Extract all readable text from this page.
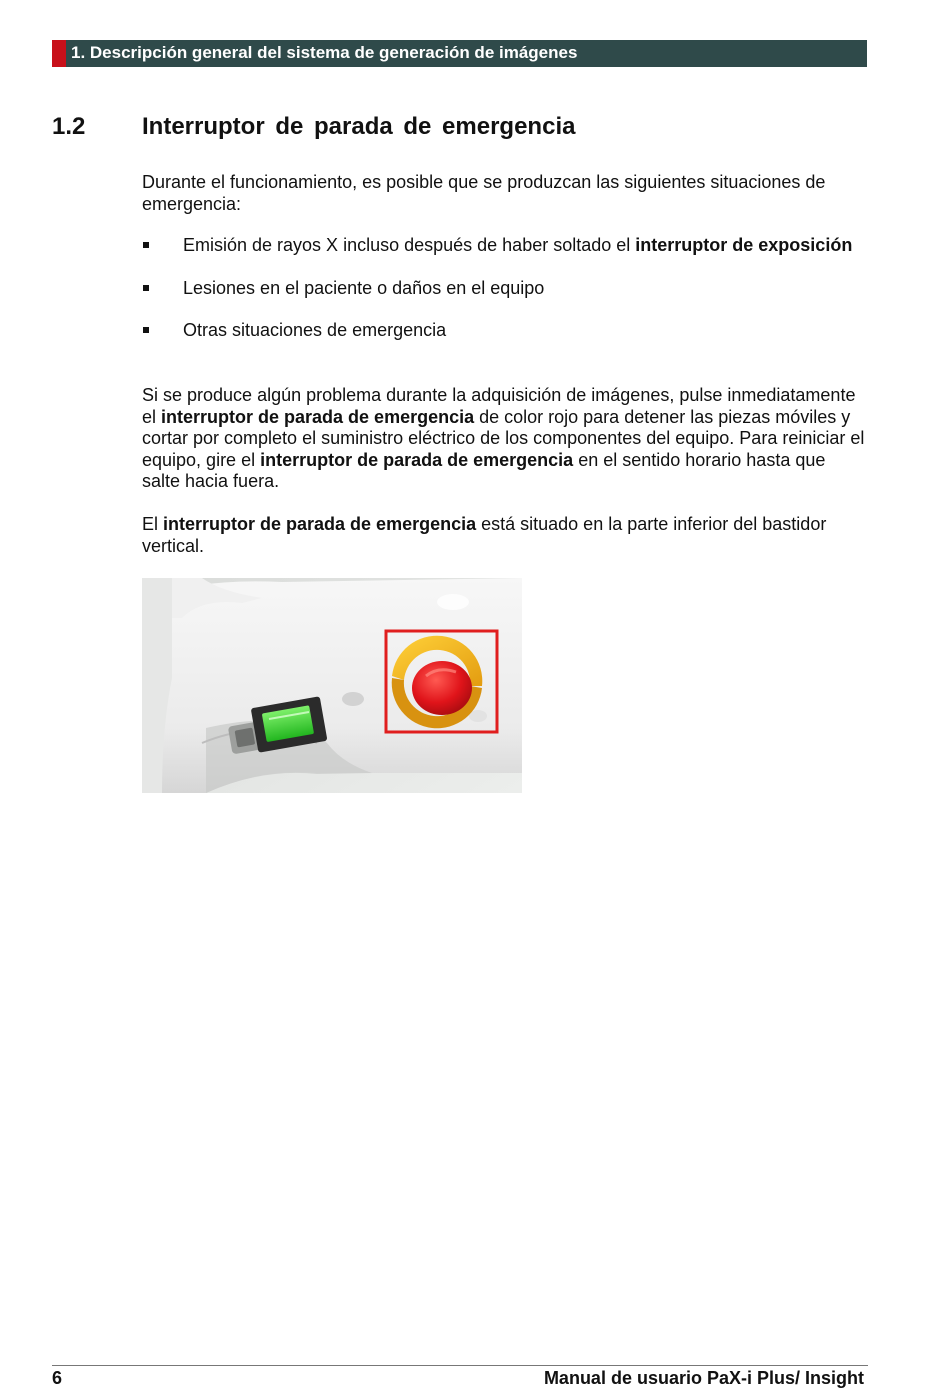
1. Descripción general del sistema de generación de imágenes
1.2 Interruptor de parada de emergencia

Durante el funcionamiento, es posible que se produzcan las siguientes situaciones de emergencia:

Emisión de rayos X incluso después de haber soltado el interruptor de exposición
Lesiones en el paciente o daños en el equipo
Otras situaciones de emergencia

Si se produce algún problema durante la adquisición de imágenes, pulse inmediatamente el interruptor de parada de emergencia de color rojo para detener las piezas móviles y cortar por completo el suministro eléctrico de los componentes del equipo. Para reiniciar el equipo, gire el interruptor de parada de emergencia en el sentido horario hasta que salte hacia fuera.

El interruptor de parada de emergencia está situado en la parte inferior del bastidor vertical.

6	Manual de usuario PaX-i Plus/ Insight
